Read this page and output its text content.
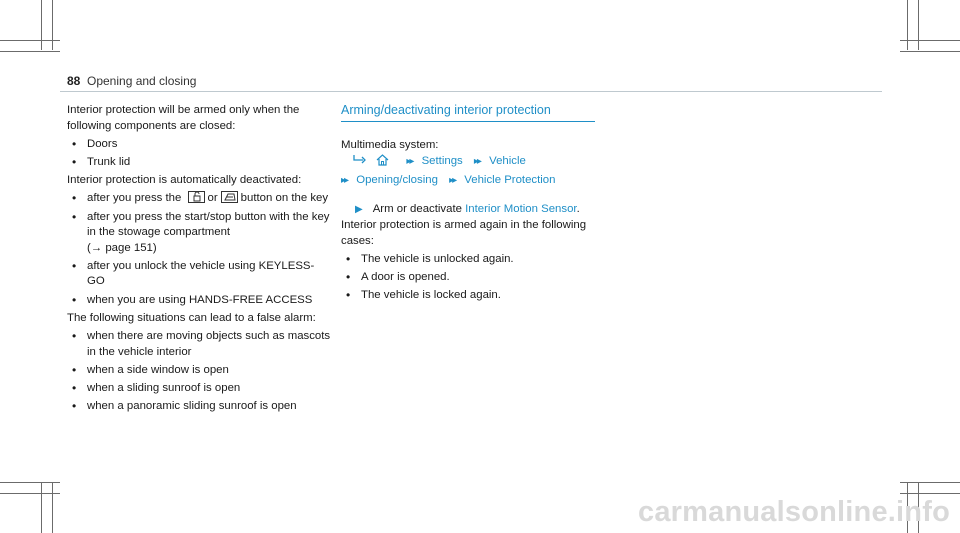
88 Opening and closing

Interior protection will be armed only when the following components are closed:

• Doors

• Trunk lid

Interior protection is automatically deactivated:

• after you press the or button on the key

• after you press the start/stop button with the key in the stowage compartment
(→ page 151)

• after you unlock the vehicle using KEYLESS-GO

• when you are using HANDS-FREE ACCESS

The following situations can lead to a false alarm:

• when there are moving objects such as mascots in the vehicle interior

• when a side window is open

• when a sliding sunroof is open

• when a panoramic sliding sunroof is open

Arming/deactivating interior protection

Multimedia system:

▸▸ Settings ▸▸ Vehicle

▸▸ Opening/closing ▸▸ Vehicle Protection

▶ Arm or deactivate Interior Motion Sensor.

Interior protection is armed again in the following cases:

• The vehicle is unlocked again.

• A door is opened.

• The vehicle is locked again.

carmanualsonline.info
